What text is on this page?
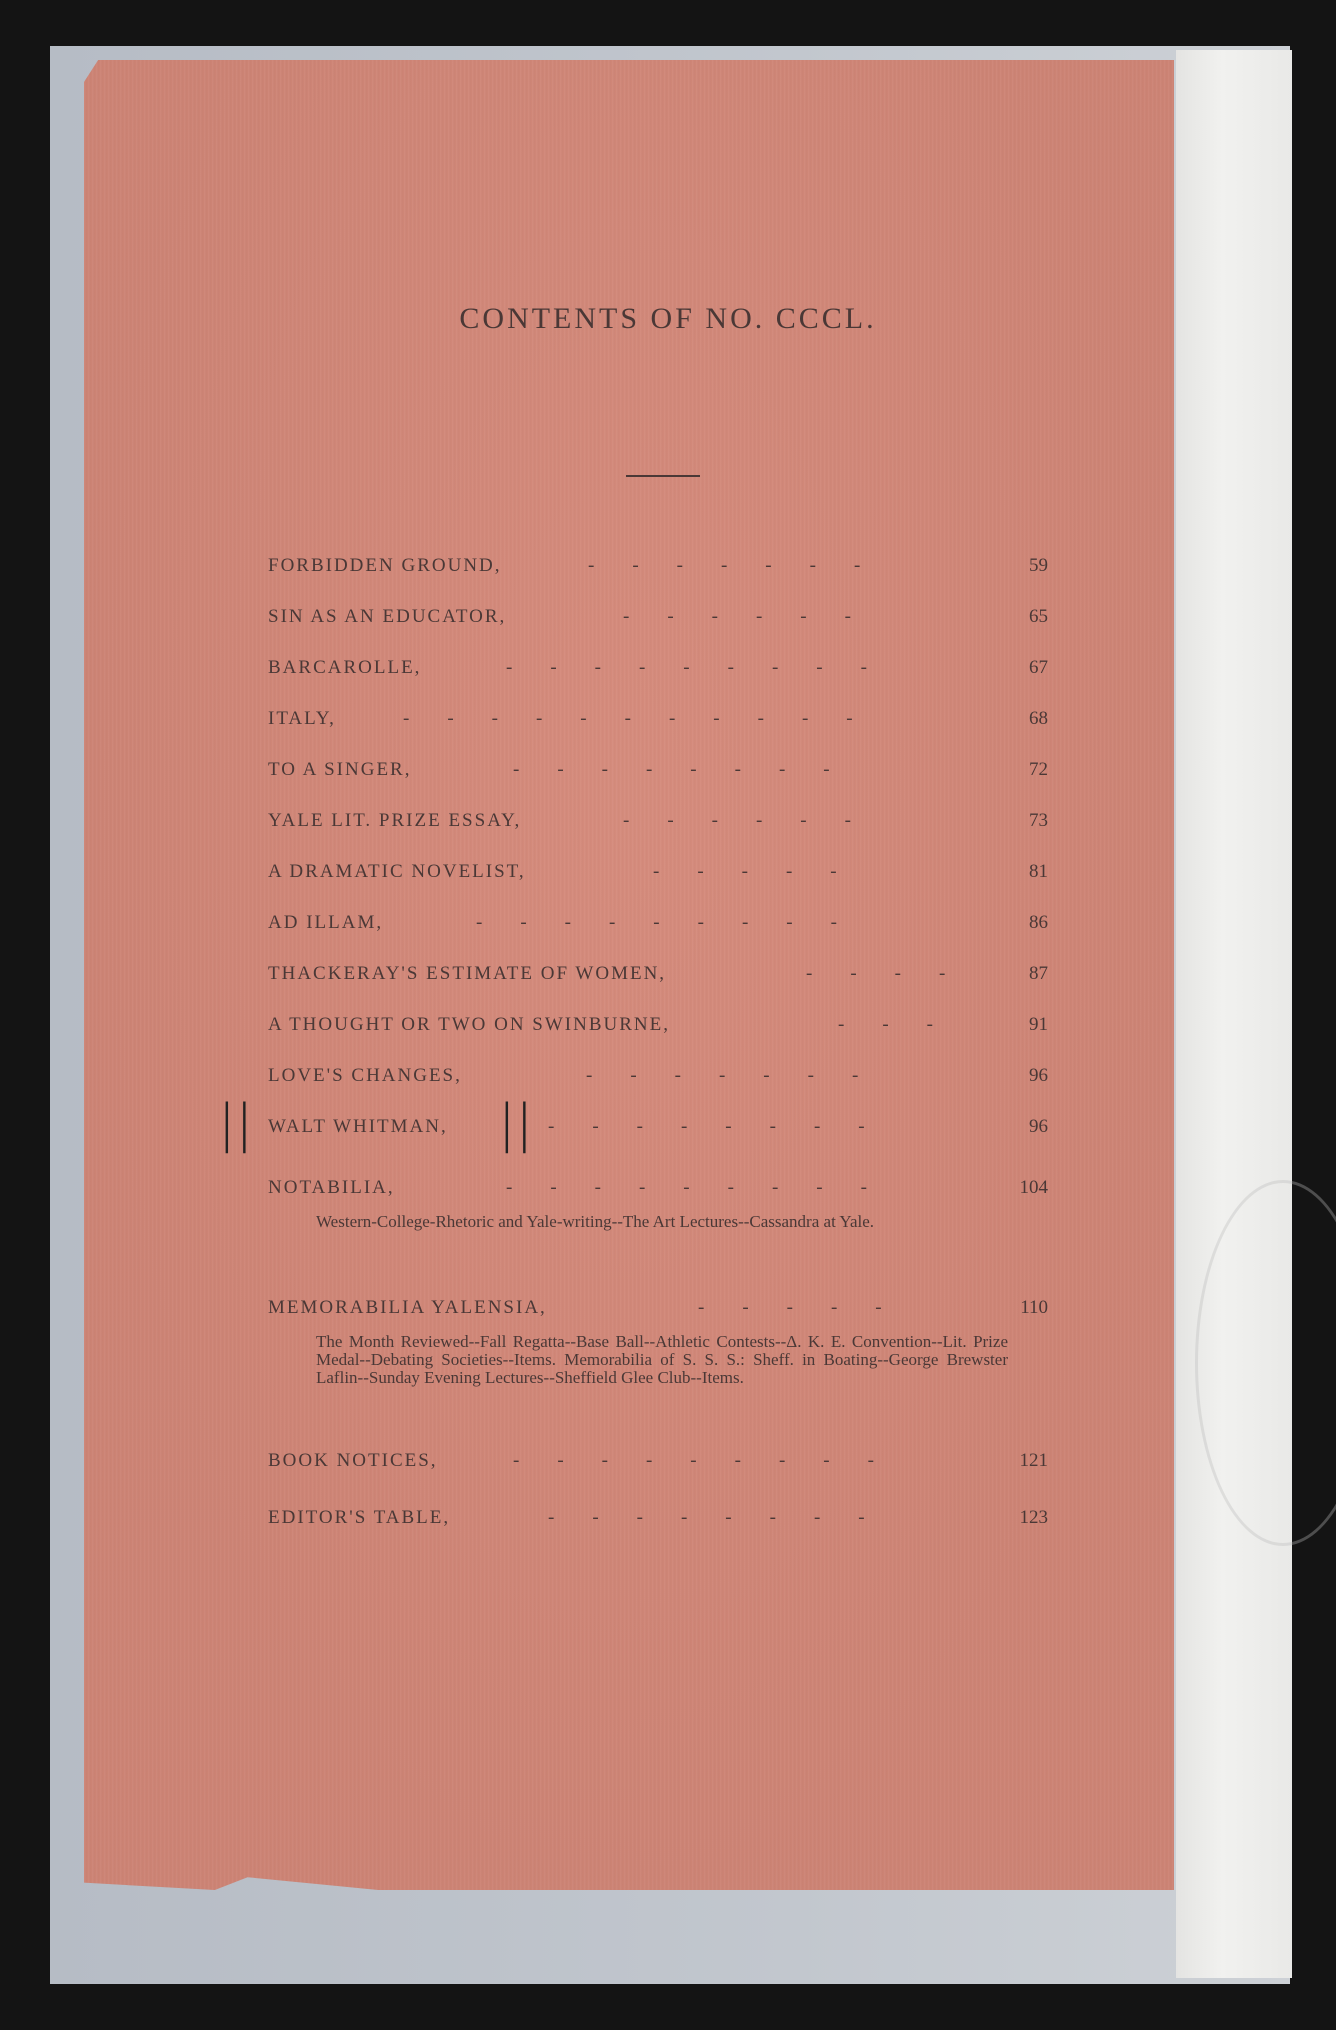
CONTENTS OF NO. CCCL.
FORBIDDEN GROUND,	-        -        -        -        -        -        -	59
SIN AS AN EDUCATOR,	-        -        -        -        -        -	65
BARCAROLLE,	-        -        -        -        -        -        -        -        -	67
ITALY,	-        -        -        -        -        -        -        -        -        -        -	68
TO A SINGER,	-        -        -        -        -        -        -        -	72
YALE LIT. PRIZE ESSAY,	-        -        -        -        -        -	73
A DRAMATIC NOVELIST,	-        -        -        -        -	81
AD ILLAM,	-        -        -        -        -        -        -        -        -	86
THACKERAY'S ESTIMATE OF WOMEN,	-        -        -        -	87
A THOUGHT OR TWO ON SWINBURNE,	-        -        -	91
LOVE'S CHANGES,	-        -        -        -        -        -        -	96
WALT WHITMAN,	-        -        -        -        -        -        -        -	96
||	||
NOTABILIA,	-        -        -        -        -        -        -        -        -	104
Western-College-Rhetoric and Yale-writing--The Art Lectures--Cassandra at Yale.
MEMORABILIA YALENSIA,	-        -        -        -        -	110
The Month Reviewed--Fall Regatta--Base Ball--Athletic Contests--Δ. K. E. Convention--Lit. Prize Medal--Debating Societies--Items. Memorabilia of S. S. S.: Sheff. in Boating--George Brewster Laflin--Sunday Evening Lectures--Sheffield Glee Club--Items.
BOOK NOTICES,	-        -        -        -        -        -        -        -        -	121
EDITOR'S TABLE,	-        -        -        -        -        -        -        -	123
